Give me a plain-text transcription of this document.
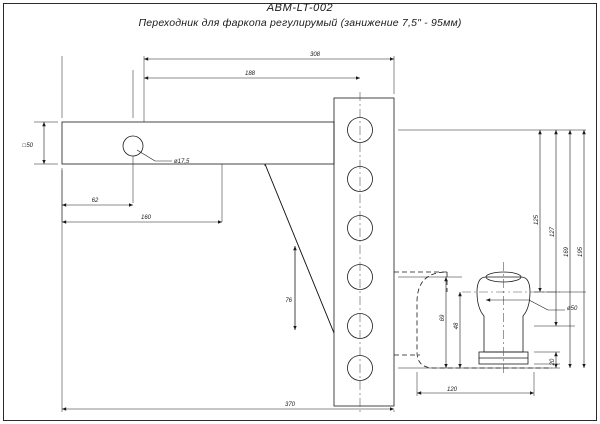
ABM-LT-002
Переходник для фаркопа регулирумый (занижение 7,5" - 95мм)
308
188
62
160
50
□
ø17,5
76
370
120
ø50
125
127
169 195
69
48
20
